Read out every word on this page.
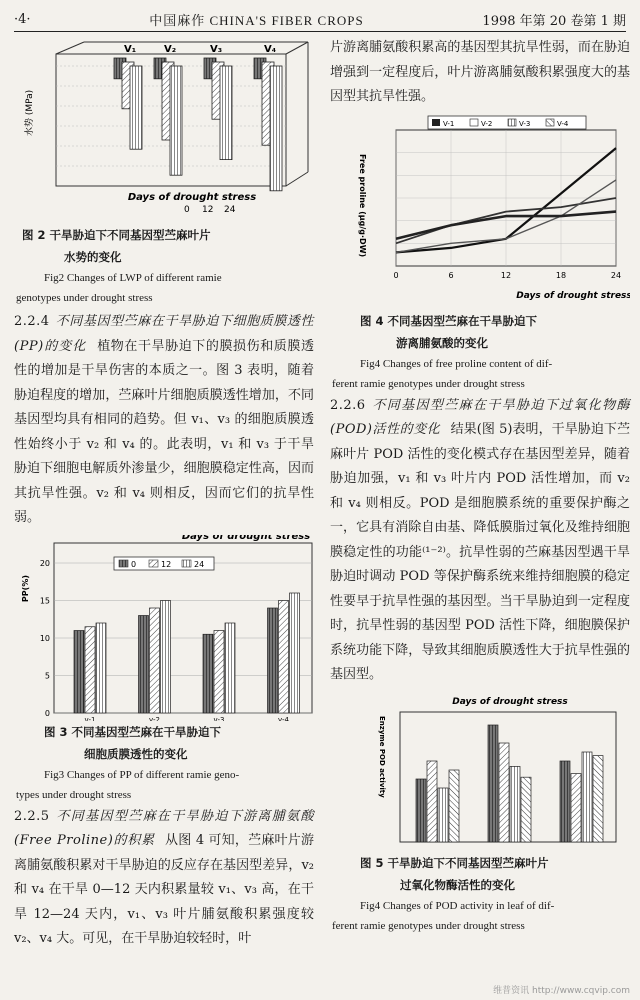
·4·	中国麻作 CHINA'S FIBER CROPS	1998 年第 20 卷第 1 期
水势 (MPa)
Days of drought stress
0 12 24
V₁	V₂	V₃	V₄
图 2 干旱胁迫下不同基因型苎麻叶片
水势的变化
Fig2 Changes of LWP of different ramie
genotypes under drought stress
2.2.4 不同基因型苎麻在干旱胁迫下细胞质膜透性(PP)的变化 植物在干旱胁迫下的膜损伤和质膜透性的增加是干旱伤害的本质之一。图 3 表明，随着胁迫程度的增加，苎麻叶片细胞质膜透性增加，不同基因型均具有相同的趋势。但 v₁、v₃ 的细胞质膜透性始终小于 v₂ 和 v₄ 的。此表明，v₁ 和 v₃ 于干旱胁迫下细胞电解质外渗量少，细胞膜稳定性高，因而其抗旱性强。v₂ 和 v₄ 则相反，因而它们的抗旱性弱。
Days of drought stress
0
5
10
15
20
v-1	v-2	v-3	v-4
0	12	24
PP(%)
图 3 不同基因型苎麻在干旱胁迫下
细胞质膜透性的变化
Fig3 Changes of PP of different ramie geno-
types under drought stress
2.2.5 不同基因型苎麻在干旱胁迫下游离脯氨酸(Free Proline)的积累 从图 4 可知，苎麻叶片游离脯氨酸积累对干旱胁迫的反应存在基因型差异，v₂ 和 v₄ 在干旱 0—12 天内积累量较 v₁、v₃ 高，在干旱 12—24 天内，v₁、v₃ 叶片脯氨酸积累强度较 v₂、v₄ 大。可见，在干旱胁迫较轻时，叶
片游离脯氨酸积累高的基因型其抗旱性弱，而在胁迫增强到一定程度后，叶片游离脯氨酸积累强度大的基因型其抗旱性强。
V-1	V-2	V-3	V-4
Free proline (μg/g·DW)
0	6	12	18	24
Days of drought stress
图 4 不同基因型苎麻在干旱胁迫下
游离脯氨酸的变化
Fig4 Changes of free proline content of dif-
ferent ramie genotypes under drought stress
2.2.6 不同基因型苎麻在干旱胁迫下过氧化物酶(POD)活性的变化 结果(图 5)表明，干旱胁迫下苎麻叶片 POD 活性的变化模式存在基因型差异，随着胁迫加强，v₁ 和 v₃ 叶片内 POD 活性增加，而 v₂ 和 v₄ 则相反。POD 是细胞膜系统的重要保护酶之一，它具有消除自由基、降低膜脂过氧化及维持细胞膜稳定性的功能⁽¹⁻²⁾。抗旱性弱的苎麻基因型遇干旱胁迫时调动 POD 等保护酶系统来维持细胞膜的稳定性要早于抗旱性强的基因型。当干旱胁迫到一定程度时，抗旱性弱的基因型 POD 活性下降，细胞膜保护系统功能下降，导致其细胞质膜透性大于抗旱性强的基因型。
Days of drought stress
Enzyme POD activity
图 5 干旱胁迫下不同基因型苎麻叶片
过氧化物酶活性的变化
Fig4 Changes of POD activity in leaf of dif-
ferent ramie genotypes under drought stress
维普资讯 http://www.cqvip.com
